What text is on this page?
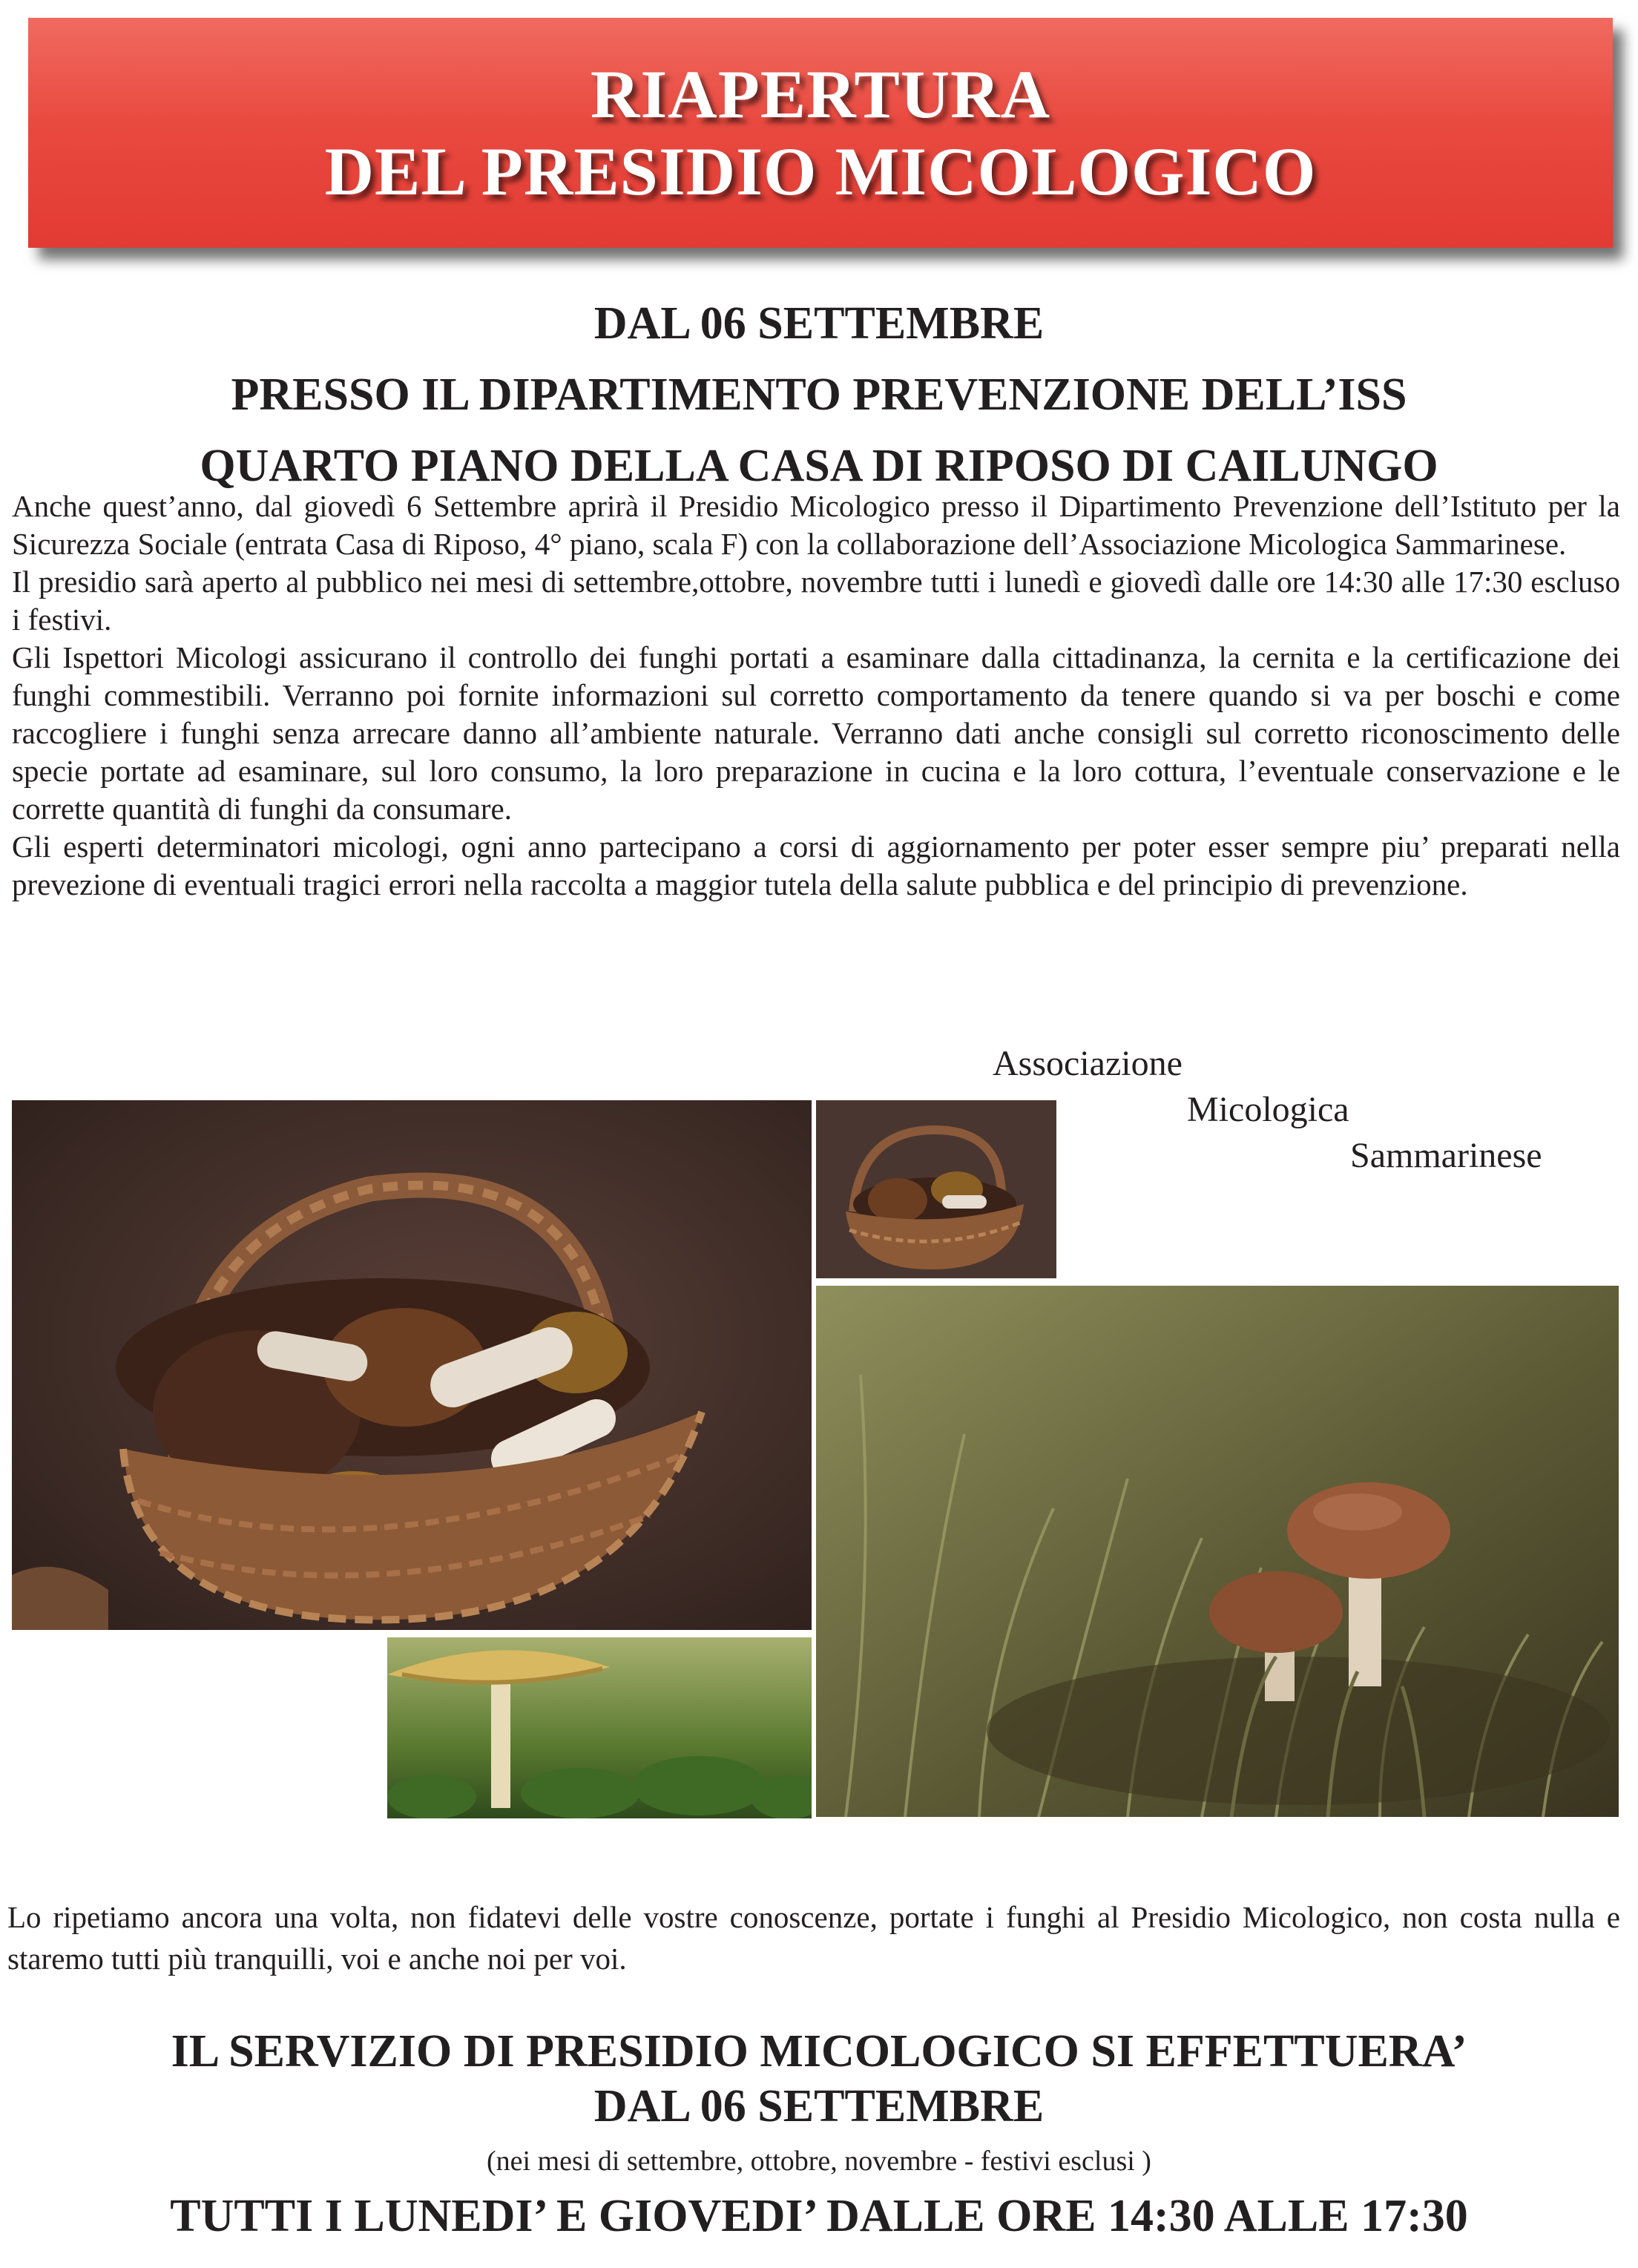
RIAPERTURA
DEL PRESIDIO MICOLOGICO
DAL 06 SETTEMBRE
PRESSO IL DIPARTIMENTO PREVENZIONE DELL’ISS
QUARTO PIANO DELLA CASA DI RIPOSO DI CAILUNGO

Anche quest’anno, dal giovedì 6 Settembre aprirà il Presidio Micologico presso il Dipartimento Prevenzione dell’Istituto per la Sicurezza Sociale (entrata Casa di Riposo, 4° piano, scala F) con la collaborazione dell’Associazione Micologica Sammarinese.

Il presidio sarà aperto al pubblico nei mesi di settembre,ottobre, novembre tutti i lunedì e giovedì dalle ore 14:30 alle 17:30 escluso i festivi.

Gli Ispettori Micologi assicurano il controllo dei funghi portati a esaminare dalla cittadinanza, la cernita e la certificazione dei funghi commestibili. Verranno poi fornite informazioni sul corretto comportamento da tenere quando si va per boschi e come raccogliere i funghi senza arrecare danno all’ambiente naturale. Verranno dati anche consigli sul corretto riconoscimento delle specie portate ad esaminare, sul loro consumo, la loro preparazione in cucina e la loro cottura, l’eventuale conservazione e le corrette quantità di funghi da consumare.

Gli esperti determinatori micologi, ogni anno partecipano a corsi di aggiornamento per poter esser sempre piu’ preparati nella prevezione di eventuali tragici errori nella raccolta a maggior tutela della salute pubblica e del principio di prevenzione.

Associazione
Micologica
Sammarinese

Lo ripetiamo ancora una volta, non fidatevi delle vostre conoscenze, portate i funghi al Presidio Micologico, non costa nulla e staremo tutti più tranquilli, voi e anche noi per voi.

IL SERVIZIO DI PRESIDIO MICOLOGICO SI EFFETTUERA’
DAL 06 SETTEMBRE
(nei mesi di settembre, ottobre, novembre - festivi esclusi )
TUTTI I LUNEDI’ E GIOVEDI’ DALLE ORE 14:30 ALLE 17:30
